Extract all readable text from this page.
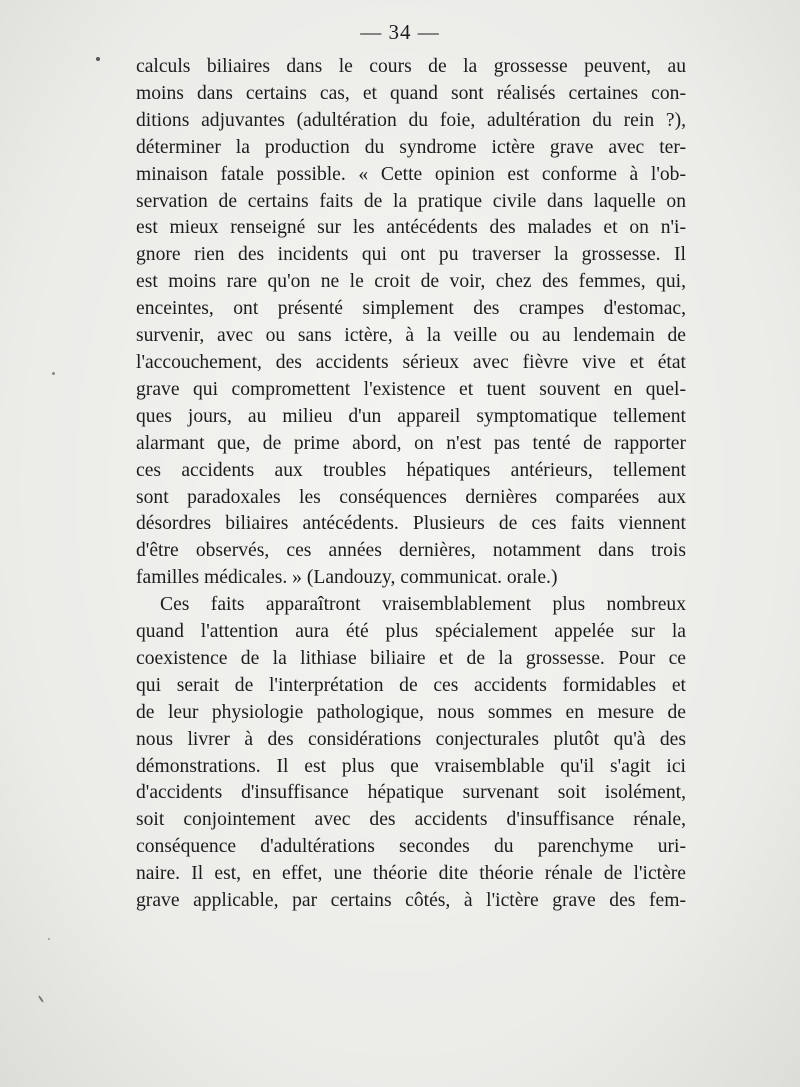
— 34 —

calculs biliaires dans le cours de la grossesse peuvent, au
moins dans certains cas, et quand sont réalisés certaines con-
ditions adjuvantes (adultération du foie, adultération du rein ?),
déterminer la production du syndrome ictère grave avec ter-
minaison fatale possible. « Cette opinion est conforme à l'ob-
servation de certains faits de la pratique civile dans laquelle on
est mieux renseigné sur les antécédents des malades et on n'i-
gnore rien des incidents qui ont pu traverser la grossesse. Il
est moins rare qu'on ne le croit de voir, chez des femmes, qui,
enceintes, ont présenté simplement des crampes d'estomac,
survenir, avec ou sans ictère, à la veille ou au lendemain de
l'accouchement, des accidents sérieux avec fièvre vive et état
grave qui compromettent l'existence et tuent souvent en quel-
ques jours, au milieu d'un appareil symptomatique tellement
alarmant que, de prime abord, on n'est pas tenté de rapporter
ces accidents aux troubles hépatiques antérieurs, tellement
sont paradoxales les conséquences dernières comparées aux
désordres biliaires antécédents. Plusieurs de ces faits viennent
d'être observés, ces années dernières, notamment dans trois
familles médicales. » (Landouzy, communicat. orale.)

Ces faits apparaîtront vraisemblablement plus nombreux
quand l'attention aura été plus spécialement appelée sur la
coexistence de la lithiase biliaire et de la grossesse. Pour ce
qui serait de l'interprétation de ces accidents formidables et
de leur physiologie pathologique, nous sommes en mesure de
nous livrer à des considérations conjecturales plutôt qu'à des
démonstrations. Il est plus que vraisemblable qu'il s'agit ici
d'accidents d'insuffisance hépatique survenant soit isolément,
soit conjointement avec des accidents d'insuffisance rénale,
conséquence d'adultérations secondes du parenchyme uri-
naire. Il est, en effet, une théorie dite théorie rénale de l'ictère
grave applicable, par certains côtés, à l'ictère grave des fem-
